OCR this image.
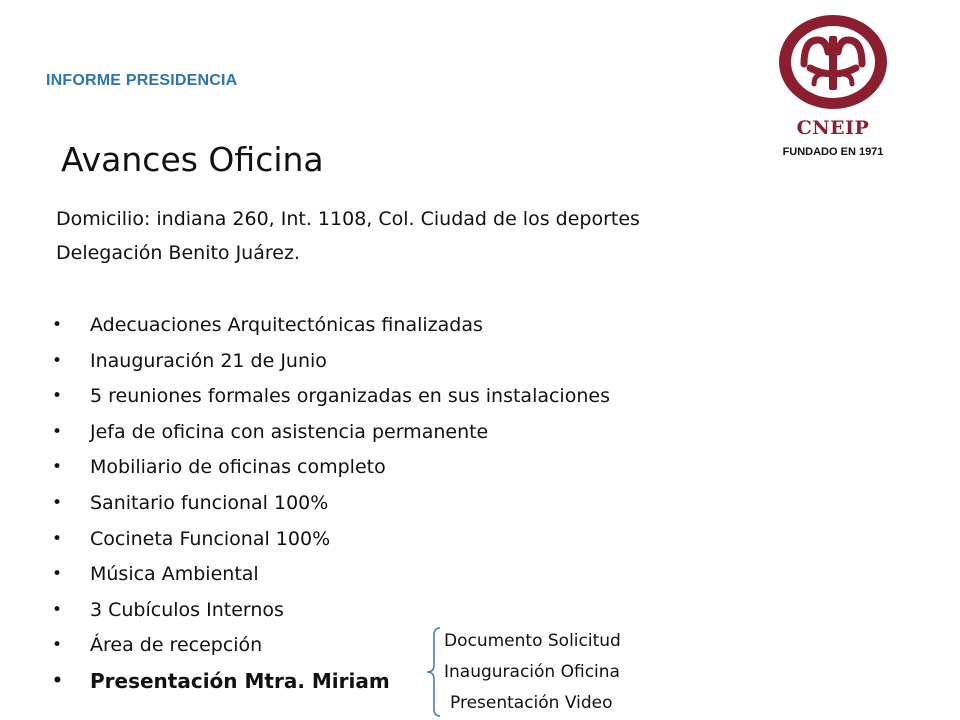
INFORME PRESIDENCIA
CNEIP
FUNDADO EN 1971
Avances Oficina
Domicilio: indiana 260, Int. 1108, Col. Ciudad de los deportes
Delegación Benito Juárez.
• Adecuaciones Arquitectónicas finalizadas
• Inauguración 21 de Junio
• 5 reuniones formales organizadas en sus instalaciones
• Jefa de oficina con asistencia permanente
• Mobiliario de oficinas completo
• Sanitario funcional 100%
• Cocineta Funcional 100%
• Música Ambiental
• 3 Cubículos Internos
• Área de recepción
• Presentación Mtra. Miriam
Documento Solicitud
Inauguración Oficina
Presentación Video
